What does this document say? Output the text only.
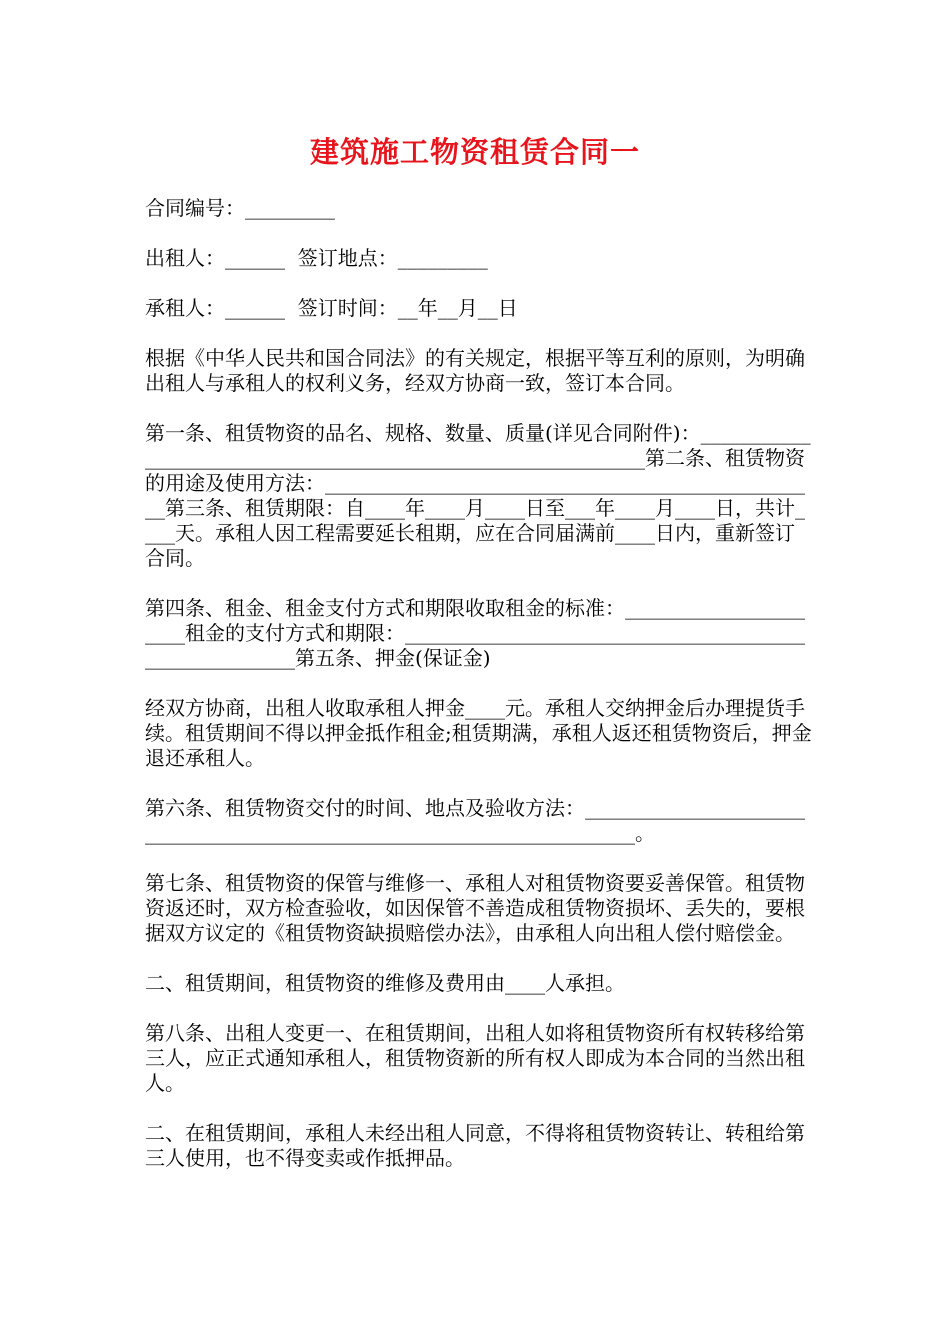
建筑施工物资租赁合同一

合同编号：_________

出租人：______  签订地点：_________

承租人：______  签订时间：__年__月__日

根据《中华人民共和国合同法》的有关规定，根据平等互利的原则，为明确出租人与承租人的权利义务，经双方协商一致，签订本合同。

第一条、租赁物资的品名、规格、数量、质量(详见合同附件)：_____________________________________________________________第二条、租赁物资的用途及使用方法：__________________________________________________第三条、租赁期限：自____年____月____日至___年____月____日，共计____天。承租人因工程需要延长租期，应在合同届满前____日内，重新签订合同。

第四条、租金、租金支付方式和期限收取租金的标准：______________________租金的支付方式和期限：_______________________________________________________第五条、押金(保证金)

经双方协商，出租人收取承租人押金____元。承租人交纳押金后办理提货手续。租赁期间不得以押金抵作租金;租赁期满，承租人返还租赁物资后，押金退还承租人。

第六条、租赁物资交付的时间、地点及验收方法：_______________________________________________________________________。

第七条、租赁物资的保管与维修一、承租人对租赁物资要妥善保管。租赁物资返还时，双方检查验收，如因保管不善造成租赁物资损坏、丢失的，要根据双方议定的《租赁物资缺损赔偿办法》，由承租人向出租人偿付赔偿金。

二、租赁期间，租赁物资的维修及费用由____人承担。

第八条、出租人变更一、在租赁期间，出租人如将租赁物资所有权转移给第三人，应正式通知承租人，租赁物资新的所有权人即成为本合同的当然出租人。

二、在租赁期间，承租人未经出租人同意，不得将租赁物资转让、转租给第三人使用，也不得变卖或作抵押品。
